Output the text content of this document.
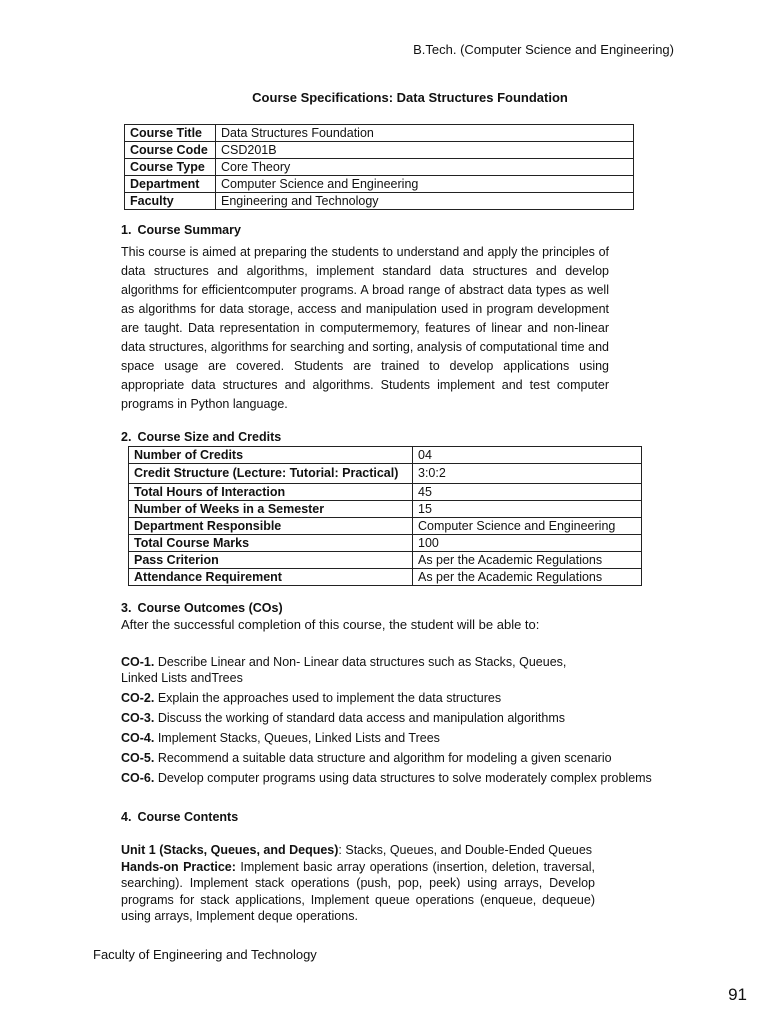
B.Tech. (Computer Science and Engineering)
Course Specifications: Data Structures Foundation
Course Title	Data Structures Foundation
Course Code	CSD201B
Course Type	Core Theory
Department	Computer Science and Engineering
Faculty	Engineering and Technology
1. Course Summary
This course is aimed at preparing the students to understand and apply the principles of data structures and algorithms, implement standard data structures and develop algorithms for efficientcomputer programs. A broad range of abstract data types as well as algorithms for data storage, access and manipulation used in program development are taught. Data representation in computermemory, features of linear and non-linear data structures, algorithms for searching and sorting, analysis of computational time and space usage are covered. Students are trained to develop applications using appropriate data structures and algorithms. Students implement and test computer programs in Python language.
2. Course Size and Credits
Number of Credits	04
Credit Structure (Lecture: Tutorial: Practical)	3:0:2
Total Hours of Interaction	45
Number of Weeks in a Semester	15
Department Responsible	Computer Science and Engineering
Total Course Marks	100
Pass Criterion	As per the Academic Regulations
Attendance Requirement	As per the Academic Regulations
3. Course Outcomes (COs)
After the successful completion of this course, the student will be able to:
CO-1. Describe Linear and Non- Linear data structures such as Stacks, Queues, Linked Lists andTrees
CO-2. Explain the approaches used to implement the data structures
CO-3. Discuss the working of standard data access and manipulation algorithms
CO-4. Implement Stacks, Queues, Linked Lists and Trees
CO-5. Recommend a suitable data structure and algorithm for modeling a given scenario
CO-6. Develop computer programs using data structures to solve moderately complex problems
4. Course Contents
Unit 1 (Stacks, Queues, and Deques): Stacks, Queues, and Double-Ended Queues
Hands-on Practice: Implement basic array operations (insertion, deletion, traversal, searching). Implement stack operations (push, pop, peek) using arrays, Develop programs for stack applications, Implement queue operations (enqueue, dequeue) using arrays, Implement deque operations.
Faculty of Engineering and Technology
91
